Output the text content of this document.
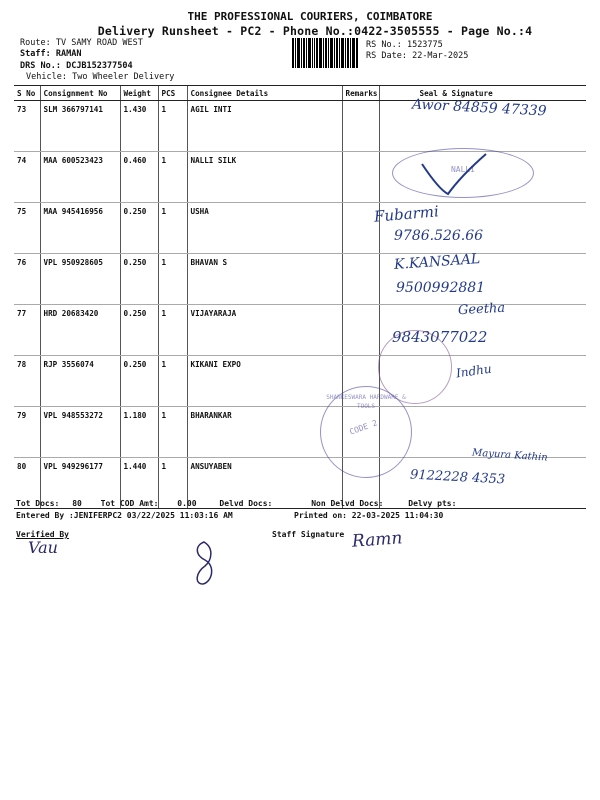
THE PROFESSIONAL COURIERS, COIMBATORE
Delivery Runsheet - PC2 - Phone No.:0422-3505555 - Page No.:4
Route: TV SAMY ROAD WEST
Staff: RAMAN
DRS No.: DCJB152377504
Vehicle: Two Wheeler Delivery
RS No.: 1523775
RS Date: 22-Mar-2025
S No	Consignment No	Weight	PCS	Consignee Details	Remarks	Seal & Signature
73	SLM 366797141	1.430	1	AGIL INTI		
74	MAA 600523423	0.460	1	NALLI SILK		
75	MAA 945416956	0.250	1	USHA		
76	VPL 950928605	0.250	1	BHAVAN S		
77	HRD 20683420	0.250	1	VIJAYARAJA		
78	RJP 3556074	0.250	1	KIKANI EXPO		
79	VPL 948553272	1.180	1	BHARANKAR		
80	VPL 949296177	1.440	1	ANSUYABEN		
Awor 84859 47339
NALLI
Fubarmi
9786.526.66
K.KANSAAL
9500992881
Geetha
9843077022
Indhu
SHANKESWARA HARDWARE & TOOLS
CODE 2
Mayura Kathin
9122228 4353
Tot Docs: 80 Tot COD Amt: 0.00	Delvd Docs:	Non Delvd Docs:	Delvy pts:
Entered By :JENIFERPC2 03/22/2025 11:03:16 AM	Printed on: 22-03-2025 11:04:30
Verified By	Staff Signature
Vau	Ramn
